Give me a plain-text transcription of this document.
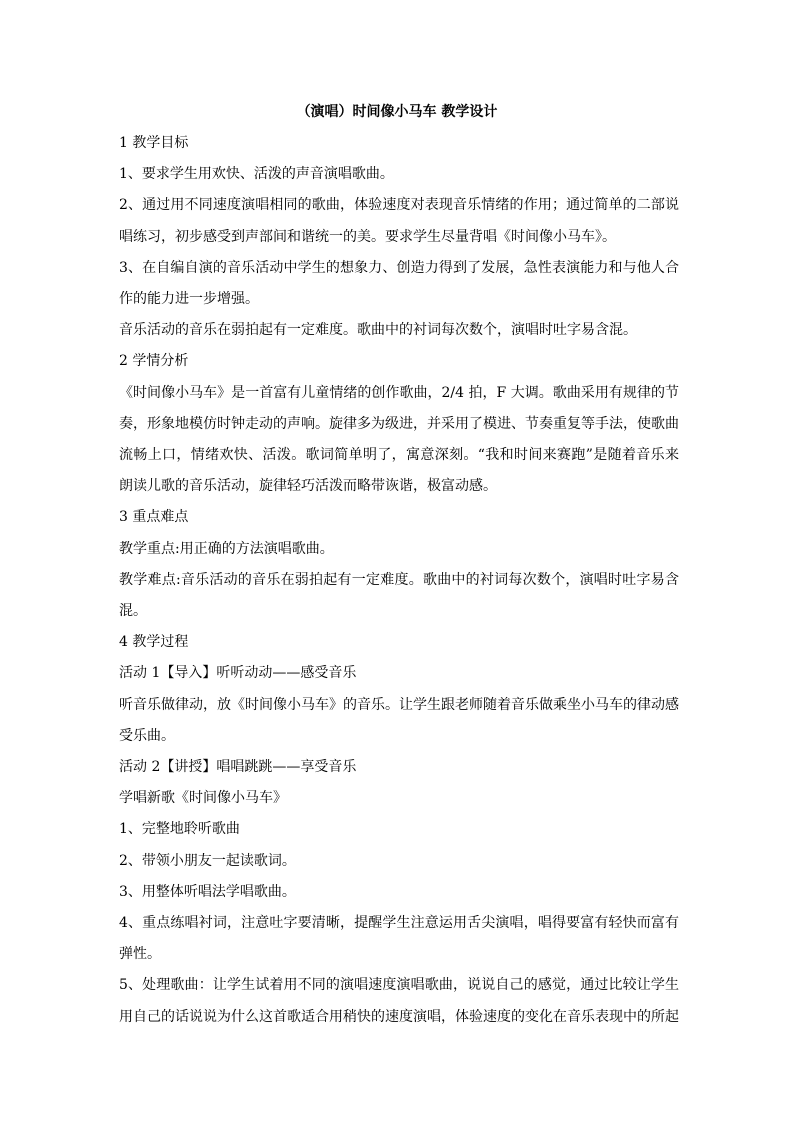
（演唱）时间像小马车 教学设计

1 教学目标

1、要求学生用欢快、活泼的声音演唱歌曲。

2、通过用不同速度演唱相同的歌曲，体验速度对表现音乐情绪的作用；通过简单的二部说唱练习，初步感受到声部间和谐统一的美。要求学生尽量背唱《时间像小马车》。

3、在自编自演的音乐活动中学生的想象力、创造力得到了发展，急性表演能力和与他人合作的能力进一步增强。

音乐活动的音乐在弱拍起有一定难度。歌曲中的衬词每次数个，演唱时吐字易含混。

2 学情分析

《时间像小马车》是一首富有儿童情绪的创作歌曲，2/4 拍，F 大调。歌曲采用有规律的节奏，形象地模仿时钟走动的声响。旋律多为级进，并采用了模进、节奏重复等手法，使歌曲流畅上口，情绪欢快、活泼。歌词简单明了，寓意深刻。“我和时间来赛跑”是随着音乐来朗读儿歌的音乐活动，旋律轻巧活泼而略带诙谐，极富动感。

3 重点难点

教学重点:用正确的方法演唱歌曲。

教学难点:音乐活动的音乐在弱拍起有一定难度。歌曲中的衬词每次数个，演唱时吐字易含混。

4 教学过程

活动 1【导入】听听动动——感受音乐

听音乐做律动，放《时间像小马车》的音乐。让学生跟老师随着音乐做乘坐小马车的律动感受乐曲。

活动 2【讲授】唱唱跳跳——享受音乐

学唱新歌《时间像小马车》

1、完整地聆听歌曲

2、带领小朋友一起读歌词。

3、用整体听唱法学唱歌曲。

4、重点练唱衬词，注意吐字要清晰，提醒学生注意运用舌尖演唱，唱得要富有轻快而富有弹性。

5、处理歌曲：让学生试着用不同的演唱速度演唱歌曲，说说自己的感觉，通过比较让学生用自己的话说说为什么这首歌适合用稍快的速度演唱，体验速度的变化在音乐表现中的所起
